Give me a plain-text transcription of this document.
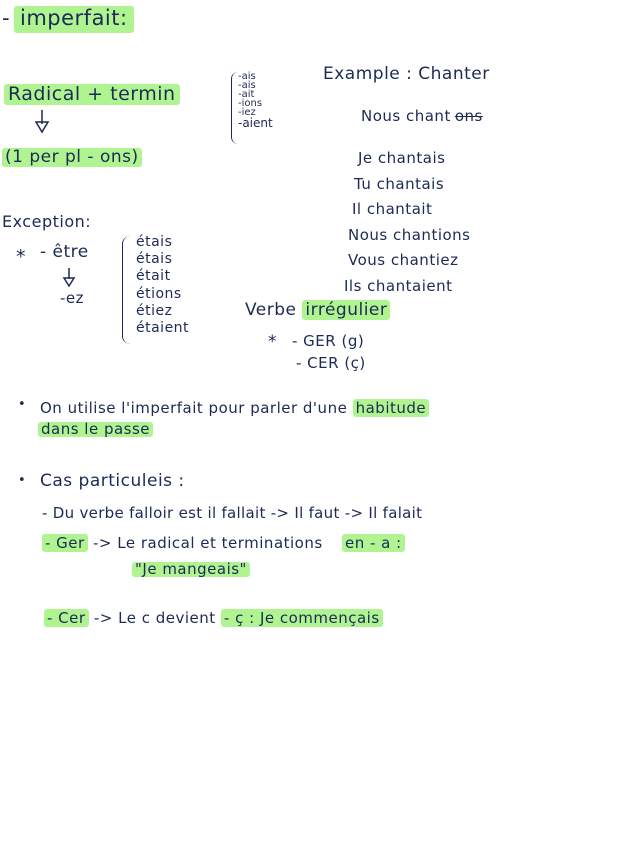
- imperfait:
Radical + termin
(1 per pl - ons)
-ais
-ais
-ait
-ions
-iez
-aient
Example : Chanter
Nous chant ons
Je chantais
Tu chantais
Il chantait
Nous chantions
Vous chantiez
Ils chantaient
Exception:
* - être
-ez
étais
étais
était
étions
étiez
étaient
Verbe irrégulier
* - GER (g)
- CER (ç)
• On utilise l'imperfait pour parler d'une habitude
dans le passe
• Cas particuleis :
- Du verbe falloir est il fallait -> Il faut -> Il falait
- Ger -> Le radical et terminations en - a :
"Je mangeais"
- Cer -> Le c devient - ç : Je commençais
